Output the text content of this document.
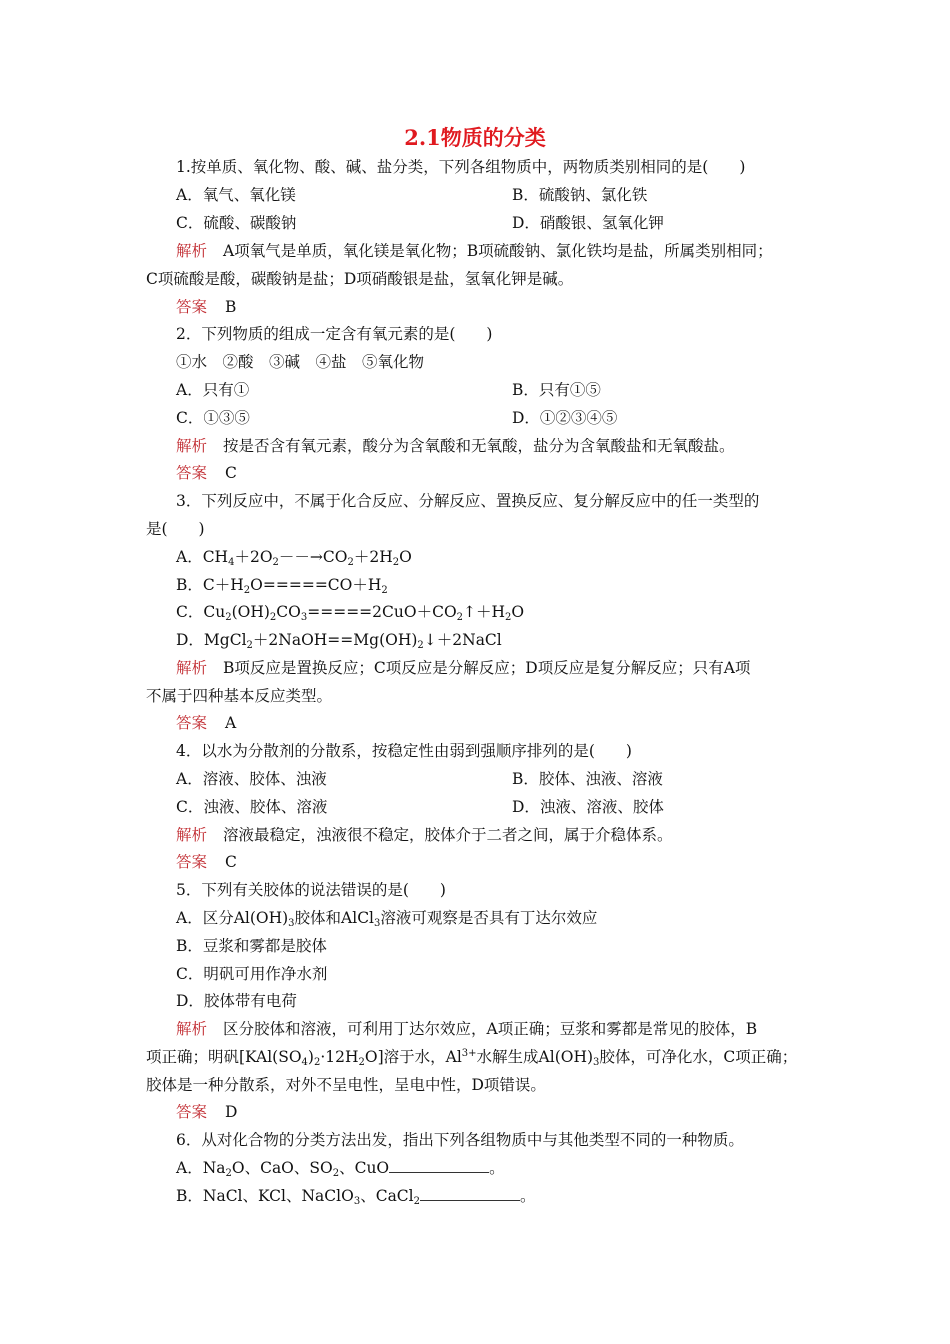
2.1物质的分类
1.按单质、氧化物、酸、碱、盐分类，下列各组物质中，两物质类别相同的是(　　)
A．氧气、氧化镁	B．硫酸钠、氯化铁
C．硫酸、碳酸钠	D．硝酸银、氢氧化钾
解析 A项氧气是单质，氧化镁是氧化物；B项硫酸钠、氯化铁均是盐，所属类别相同；
C项硫酸是酸，碳酸钠是盐；D项硝酸银是盐，氢氧化钾是碱。
答案 B
2．下列物质的组成一定含有氧元素的是(　　)
①水　②酸　③碱　④盐　⑤氧化物
A．只有①	B．只有①⑤
C．①③⑤	D．①②③④⑤
解析 按是否含有氧元素，酸分为含氧酸和无氧酸，盐分为含氧酸盐和无氧酸盐。
答案 C
3．下列反应中，不属于化合反应、分解反应、置换反应、复分解反应中的任一类型的
是(　　)
A．$CH_4+2O_2--\to CO_2+2H_2O$
B．$C+H_2O=====CO+H_2$
C．$Cu_2(OH)_2CO_3=====2CuO+CO_2↑+H_2O$
D．$MgCl_2+2NaOH==Mg(OH)_2↓+2NaCl$
解析 B项反应是置换反应；C项反应是分解反应；D项反应是复分解反应；只有A项
不属于四种基本反应类型。
答案 A
4．以水为分散剂的分散系，按稳定性由弱到强顺序排列的是(　　)
A．溶液、胶体、浊液	B．胶体、浊液、溶液
C．浊液、胶体、溶液	D．浊液、溶液、胶体
解析 溶液最稳定，浊液很不稳定，胶体介于二者之间，属于介稳体系。
答案 C
5．下列有关胶体的说法错误的是(　　)
A．区分$Al(OH)_3$胶体和AlCl$_3$溶液可观察是否具有丁达尔效应
B．豆浆和雾都是胶体
C．明矾可用作净水剂
D．胶体带有电荷
解析 区分胶体和溶液，可利用丁达尔效应，A项正确；豆浆和雾都是常见的胶体，B
项正确；明矾$[KAl(SO_4)_2\cdot 12H_2O]$溶于水，$Al^{3+}$水解生成$Al(OH)_3$胶体，可净化水，C项正确；
胶体是一种分散系，对外不呈电性，呈电中性，D项错误。
答案 D
6．从对化合物的分类方法出发，指出下列各组物质中与其他类型不同的一种物质。
A．$Na_2O$、CaO、$SO_2$、CuO	。
B．NaCl、KCl、NaClO$_3$、CaCl$_2$	。
